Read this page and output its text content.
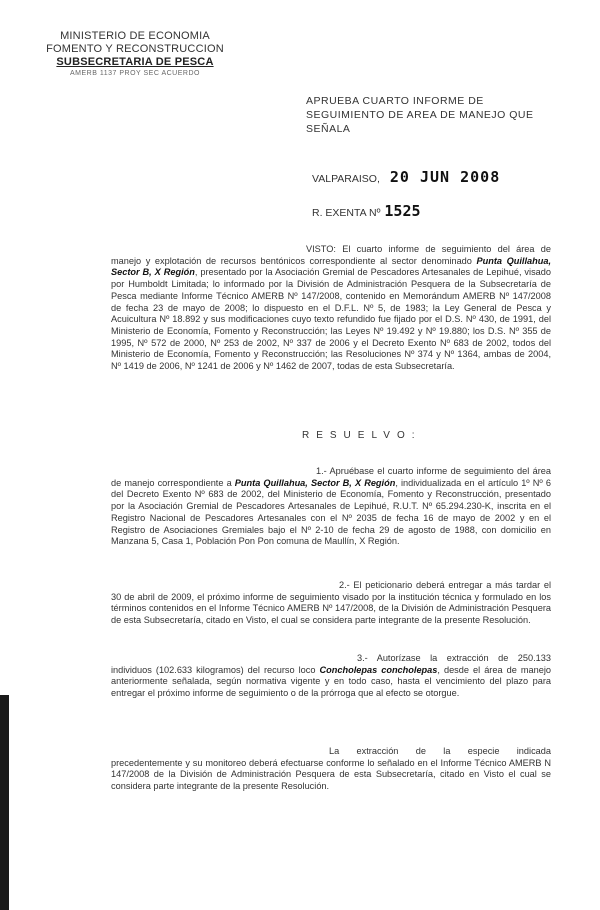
MINISTERIO DE ECONOMIA
FOMENTO Y RECONSTRUCCION
SUBSECRETARIA DE PESCA
AMERB 1137 PROY SEC ACUERDO
APRUEBA CUARTO INFORME DE SEGUIMIENTO DE AREA DE MANEJO QUE SEÑALA
VALPARAISO, 20 JUN 2008
R. EXENTA Nº 1525
VISTO: El cuarto informe de seguimiento del área de manejo y explotación de recursos bentónicos correspondiente al sector denominado Punta Quillahua, Sector B, X Región, presentado por la Asociación Gremial de Pescadores Artesanales de Lepihué, visado por Humboldt Limitada; lo informado por la División de Administración Pesquera de la Subsecretaría de Pesca mediante Informe Técnico AMERB Nº 147/2008, contenido en Memorándum AMERB Nº 147/2008 de fecha 23 de mayo de 2008; lo dispuesto en el D.F.L. Nº 5, de 1983; la Ley General de Pesca y Acuicultura Nº 18.892 y sus modificaciones cuyo texto refundido fue fijado por el D.S. Nº 430, de 1991, del Ministerio de Economía, Fomento y Reconstrucción; las Leyes Nº 19.492 y Nº 19.880; los D.S. Nº 355 de 1995, Nº 572 de 2000, Nº 253 de 2002, Nº 337 de 2006 y el Decreto Exento Nº 683 de 2002, todos del Ministerio de Economía, Fomento y Reconstrucción; las Resoluciones Nº 374 y Nº 1364, ambas de 2004, Nº 1419 de 2006, Nº 1241 de 2006 y Nº 1462 de 2007, todas de esta Subsecretaría.
RESUELVO:
1.- Apruébase el cuarto informe de seguimiento del área de manejo correspondiente a Punta Quillahua, Sector B, X Región, individualizada en el artículo 1º Nº 6 del Decreto Exento Nº 683 de 2002, del Ministerio de Economía, Fomento y Reconstrucción, presentado por la Asociación Gremial de Pescadores Artesanales de Lepihué, R.U.T. Nº 65.294.230-K, inscrita en el Registro Nacional de Pescadores Artesanales con el Nº 2035 de fecha 16 de mayo de 2002 y en el Registro de Asociaciones Gremiales bajo el Nº 2-10 de fecha 29 de agosto de 1988, con domicilio en Manzana 5, Casa 1, Población Pon Pon comuna de Maullín, X Región.
2.- El peticionario deberá entregar a más tardar el 30 de abril de 2009, el próximo informe de seguimiento visado por la institución técnica y formulado en los términos contenidos en el Informe Técnico AMERB Nº 147/2008, de la División de Administración Pesquera de esta Subsecretaría, citado en Visto, el cual se considera parte integrante de la presente Resolución.
3.- Autorízase la extracción de 250.133 individuos (102.633 kilogramos) del recurso loco Concholepas concholepas, desde el área de manejo anteriormente señalada, según normativa vigente y en todo caso, hasta el vencimiento del plazo para entregar el próximo informe de seguimiento o de la prórroga que al efecto se otorgue.
La extracción de la especie indicada precedentemente y su monitoreo deberá efectuarse conforme lo señalado en el Informe Técnico AMERB N 147/2008 de la División de Administración Pesquera de esta Subsecretaría, citado en Visto el cual se considera parte integrante de la presente Resolución.
